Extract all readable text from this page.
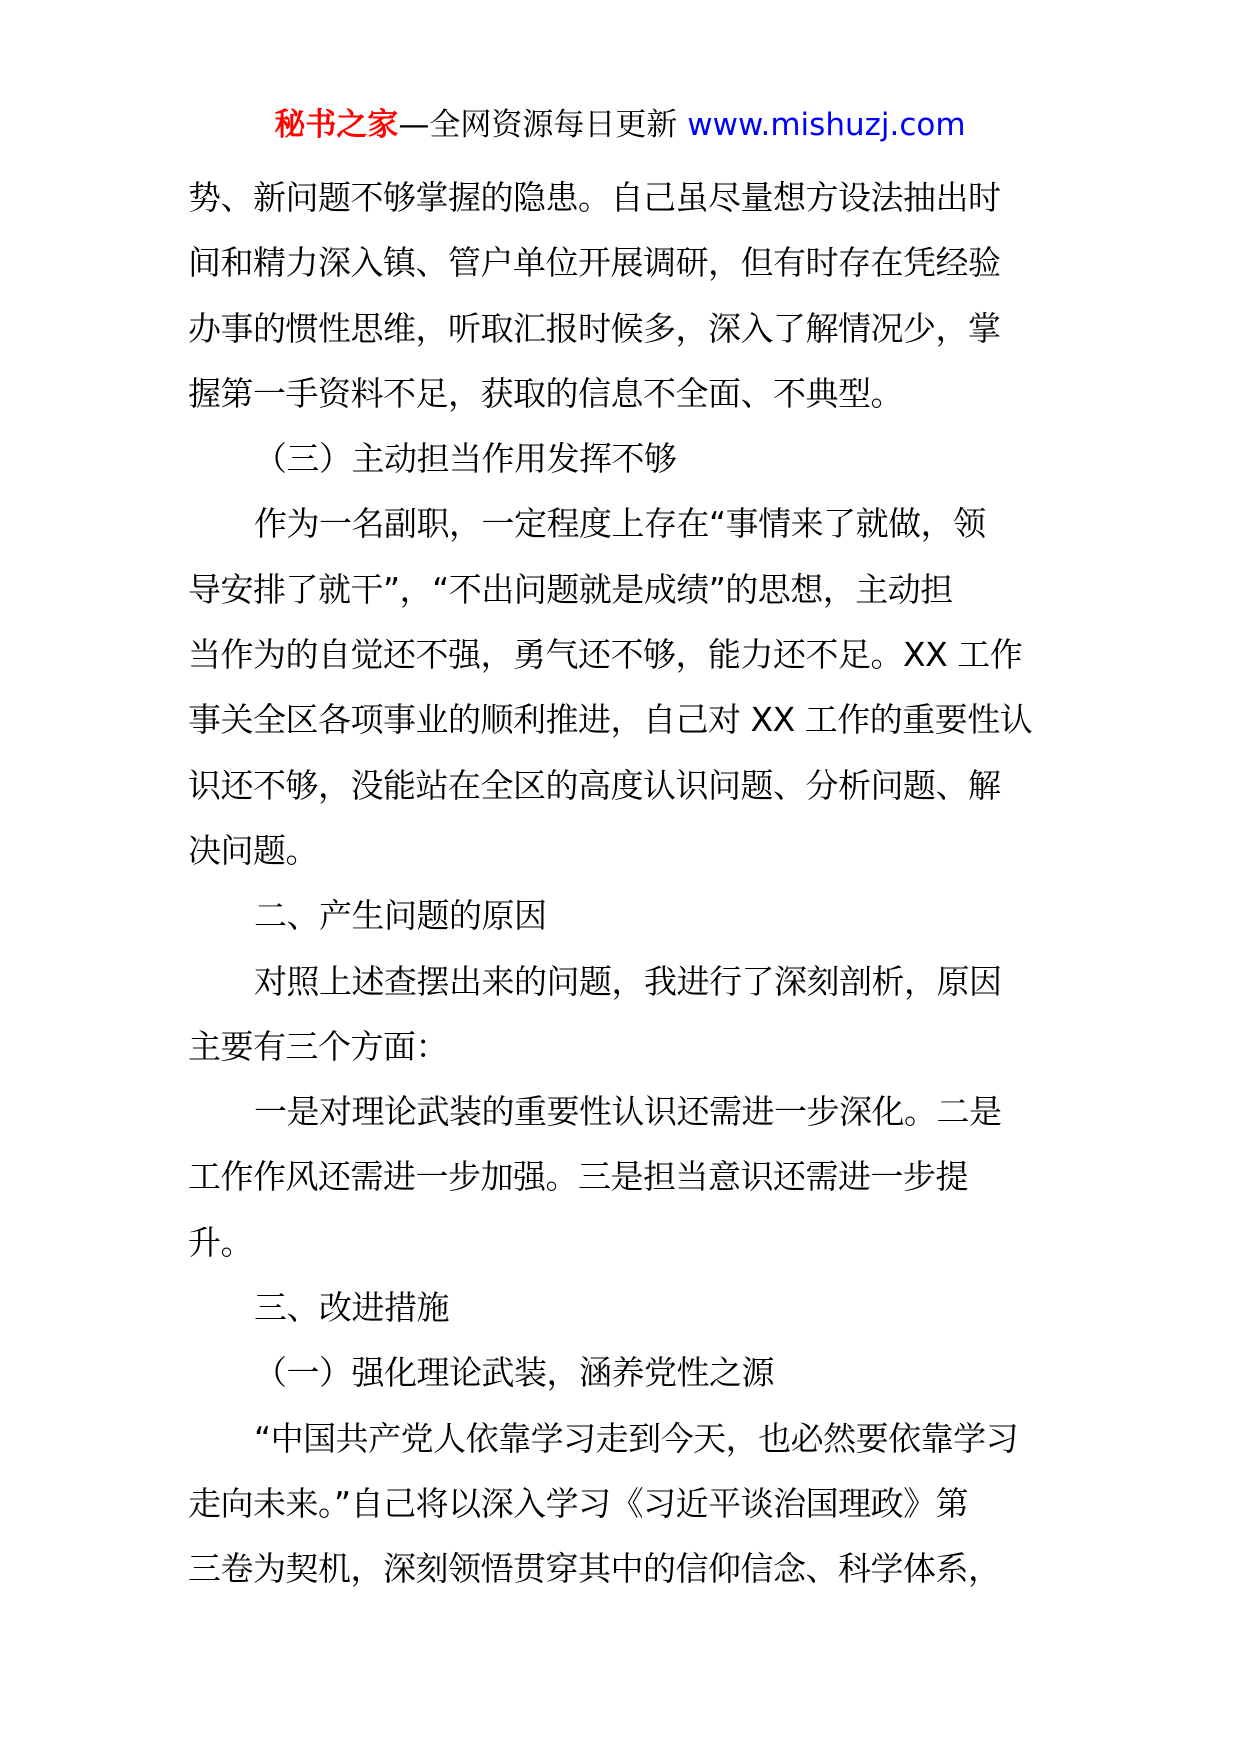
秘书之家—全网资源每日更新 www.mishuzj.com
势、新问题不够掌握的隐患。自己虽尽量想方设法抽出时
间和精力深入镇、管户单位开展调研，但有时存在凭经验
办事的惯性思维，听取汇报时候多，深入了解情况少，掌
握第一手资料不足，获取的信息不全面、不典型。
（三）主动担当作用发挥不够
作为一名副职，一定程度上存在“事情来了就做，领
导安排了就干”，“不出问题就是成绩”的思想，主动担
当作为的自觉还不强，勇气还不够，能力还不足。XX 工作
事关全区各项事业的顺利推进，自己对 XX 工作的重要性认
识还不够，没能站在全区的高度认识问题、分析问题、解
决问题。
二、产生问题的原因
对照上述查摆出来的问题，我进行了深刻剖析，原因
主要有三个方面：
一是对理论武装的重要性认识还需进一步深化。二是
工作作风还需进一步加强。三是担当意识还需进一步提
升。
三、改进措施
（一）强化理论武装，涵养党性之源
“中国共产党人依靠学习走到今天，也必然要依靠学习
走向未来。”自己将以深入学习《习近平谈治国理政》第
三卷为契机，深刻领悟贯穿其中的信仰信念、科学体系，
